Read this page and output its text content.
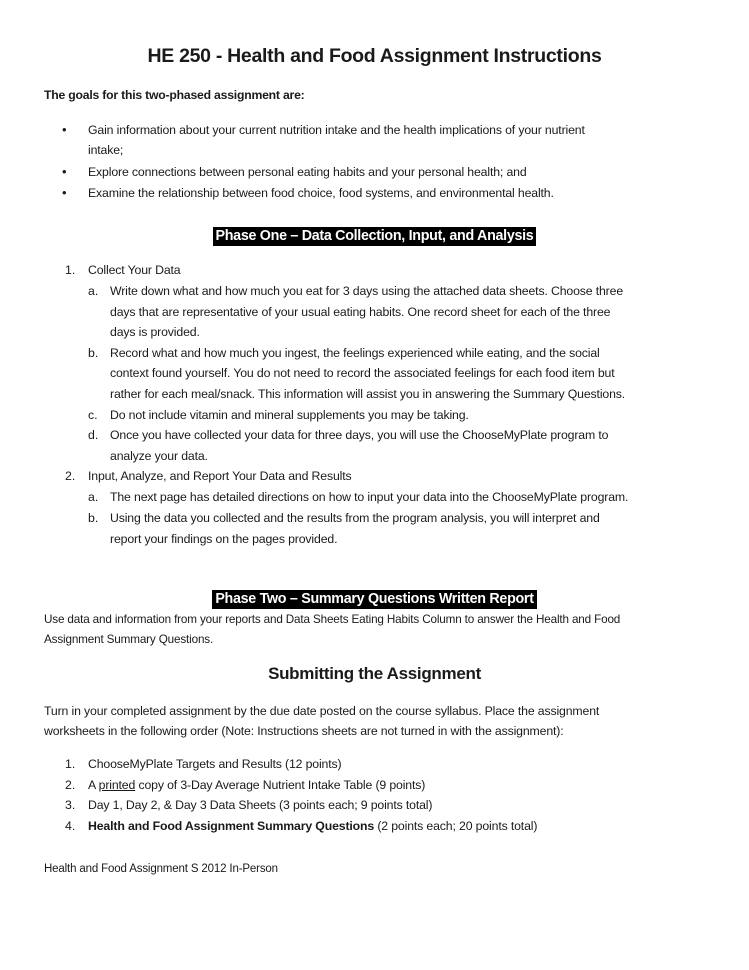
HE 250 - Health and Food Assignment Instructions
The goals for this two-phased assignment are:
• Gain information about your current nutrition intake and the health implications of your nutrient
intake;
• Explore connections between personal eating habits and your personal health; and
• Examine the relationship between food choice, food systems, and environmental health.
Phase One – Data Collection, Input, and Analysis
1. Collect Your Data
a. Write down what and how much you eat for 3 days using the attached data sheets. Choose three
days that are representative of your usual eating habits. One record sheet for each of the three
days is provided.
b. Record what and how much you ingest, the feelings experienced while eating, and the social
context found yourself. You do not need to record the associated feelings for each food item but
rather for each meal/snack. This information will assist you in answering the Summary Questions.
c. Do not include vitamin and mineral supplements you may be taking.
d. Once you have collected your data for three days, you will use the ChooseMyPlate program to
analyze your data.
2. Input, Analyze, and Report Your Data and Results
a. The next page has detailed directions on how to input your data into the ChooseMyPlate program.
b. Using the data you collected and the results from the program analysis, you will interpret and
report your findings on the pages provided.
Phase Two – Summary Questions Written Report
Use data and information from your reports and Data Sheets Eating Habits Column to answer the Health and Food
Assignment Summary Questions.
Submitting the Assignment
Turn in your completed assignment by the due date posted on the course syllabus. Place the assignment
worksheets in the following order (Note: Instructions sheets are not turned in with the assignment):
1. ChooseMyPlate Targets and Results (12 points)
2. A printed copy of 3-Day Average Nutrient Intake Table (9 points)
3. Day 1, Day 2, & Day 3 Data Sheets (3 points each; 9 points total)
4. Health and Food Assignment Summary Questions (2 points each; 20 points total)
Health and Food Assignment S 2012 In-Person
